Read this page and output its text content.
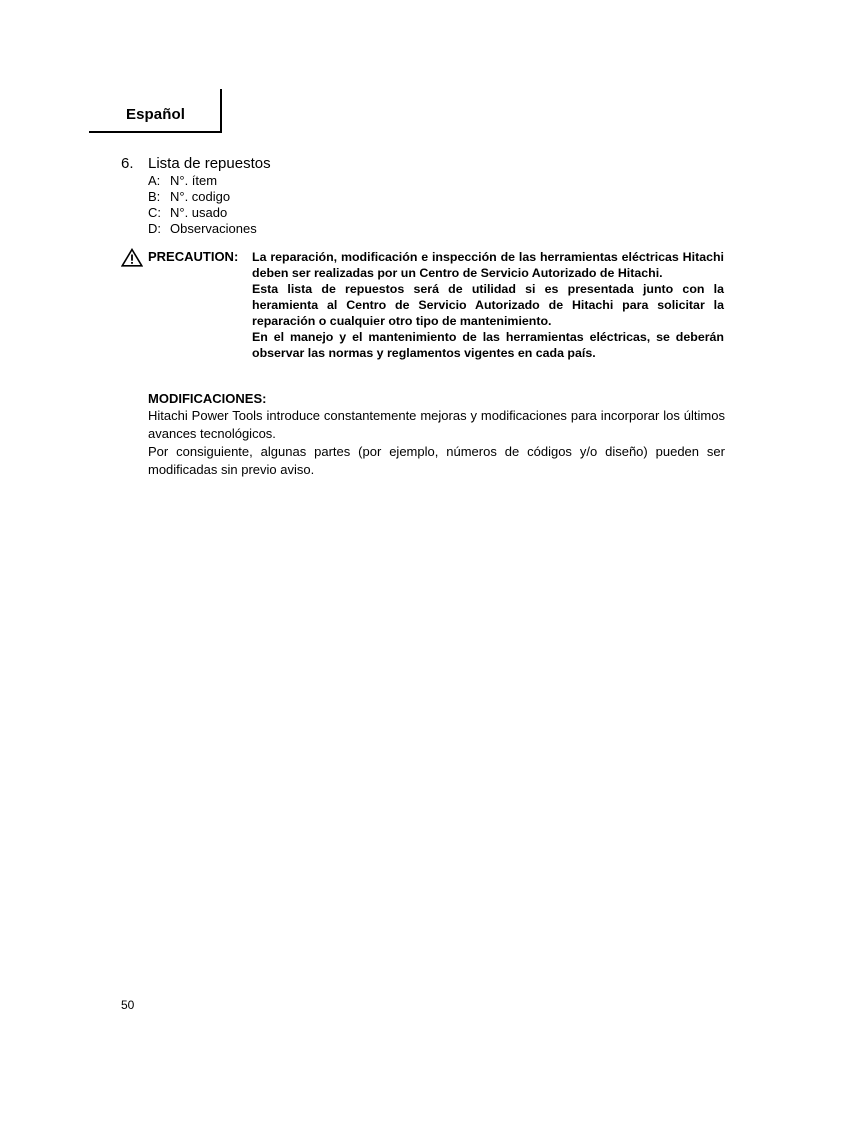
Español
6. Lista de repuestos
A: N°. ítem
B: N°. codigo
C: N°. usado
D: Observaciones
PRECAUTION: La reparación, modificación e inspección de las herramientas eléctricas Hitachi deben ser realizadas por un Centro de Servicio Autorizado de Hitachi.

Esta lista de repuestos será de utilidad si es presentada junto con la heramienta al Centro de Servicio Autorizado de Hitachi para solicitar la reparación o cualquier otro tipo de mantenimiento.

En el manejo y el mantenimiento de las herramientas eléctricas, se deberán observar las normas y reglamentos vigentes en cada país.

MODIFICACIONES:

Hitachi Power Tools introduce constantemente mejoras y modificaciones para incorporar los últimos avances tecnológicos.

Por consiguiente, algunas partes (por ejemplo, números de códigos y/o diseño) pueden ser modificadas sin previo aviso.

50
